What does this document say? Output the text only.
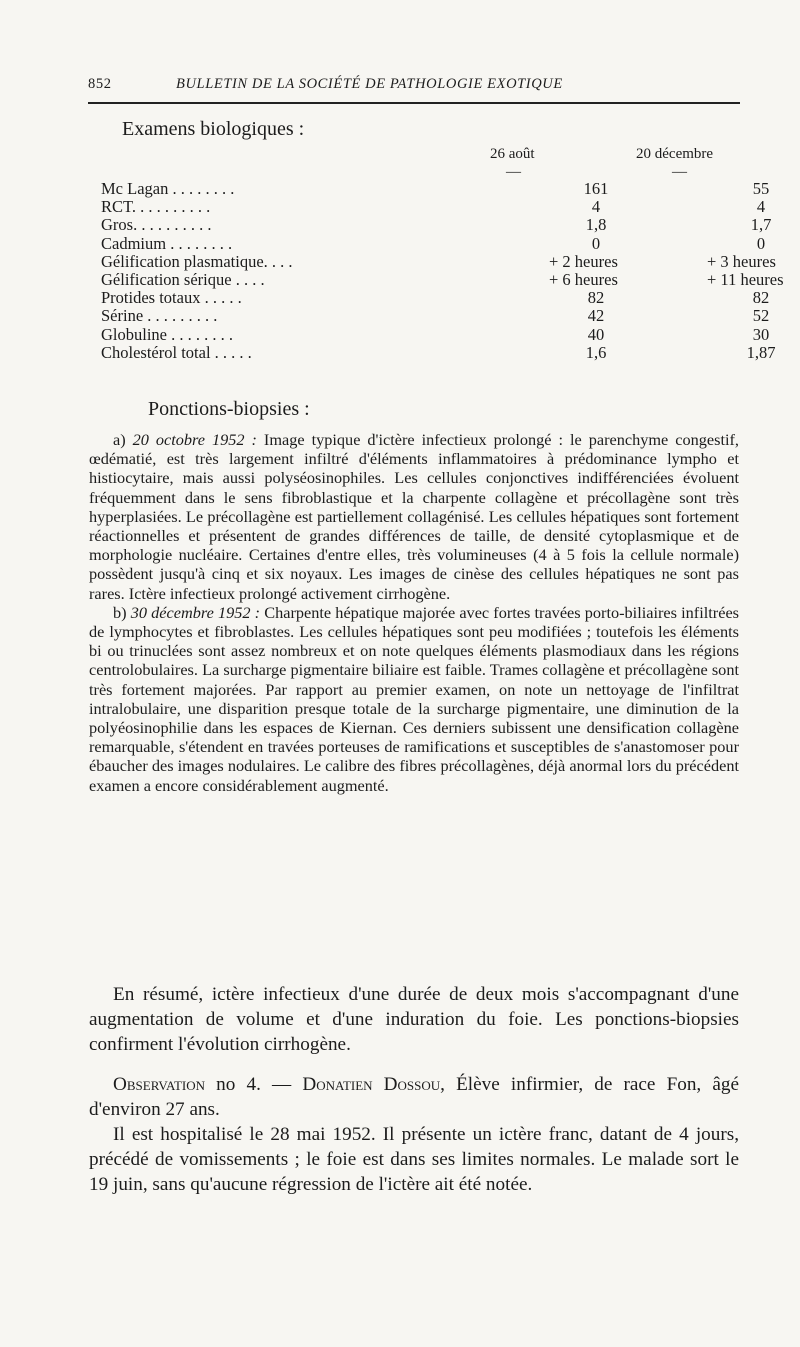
852	BULLETIN DE LA SOCIÉTÉ DE PATHOLOGIE EXOTIQUE
Examens biologiques :
26 août	20 décembre
—	—
Mc Lagan . . . . . . . .	161	55
RCT. . . . . . . . . .	4	4
Gros. . . . . . . . . .	1,8	1,7
Cadmium . . . . . . . .	0	0
Gélification plasmatique. . . .	+ 2 heures	+ 3 heures
Gélification sérique . . . .	+ 6 heures	+ 11 heures
Protides totaux . . . . .	82	82
Sérine . . . . . . . . .	42	52
Globuline . . . . . . . .	40	30
Cholestérol total . . . . .	1,6	1,87
Ponctions-biopsies :

a) 20 octobre 1952 : Image typique d'ictère infectieux prolongé : le parenchyme congestif, œdématié, est très largement infiltré d'éléments inflammatoires à prédominance lympho et histiocytaire, mais aussi polyséosinophiles. Les cellules conjonctives indifférenciées évoluent fréquemment dans le sens fibroblastique et la charpente collagène et précollagène sont très hyperplasiées. Le précollagène est partiellement collagénisé. Les cellules hépatiques sont fortement réactionnelles et présentent de grandes différences de taille, de densité cytoplasmique et de morphologie nucléaire. Certaines d'entre elles, très volumineuses (4 à 5 fois la cellule normale) possèdent jusqu'à cinq et six noyaux. Les images de cinèse des cellules hépatiques ne sont pas rares. Ictère infectieux prolongé activement cirrhogène.

b) 30 décembre 1952 : Charpente hépatique majorée avec fortes travées porto-biliaires infiltrées de lymphocytes et fibroblastes. Les cellules hépatiques sont peu modifiées ; toutefois les éléments bi ou trinuclées sont assez nombreux et on note quelques éléments plasmodiaux dans les régions centrolobulaires. La surcharge pigmentaire biliaire est faible. Trames collagène et précollagène sont très fortement majorées. Par rapport au premier examen, on note un nettoyage de l'infiltrat intralobulaire, une disparition presque totale de la surcharge pigmentaire, une diminution de la polyéosinophilie dans les espaces de Kiernan. Ces derniers subissent une densification collagène remarquable, s'étendent en travées porteuses de ramifications et susceptibles de s'anastomoser pour ébaucher des images nodulaires. Le calibre des fibres précollagènes, déjà anormal lors du précédent examen a encore considérablement augmenté.

En résumé, ictère infectieux d'une durée de deux mois s'accompagnant d'une augmentation de volume et d'une induration du foie. Les ponctions-biopsies confirment l'évolution cirrhogène.

Observation no 4. — Donatien Dossou, Élève infirmier, de race Fon, âgé d'environ 27 ans.

Il est hospitalisé le 28 mai 1952. Il présente un ictère franc, datant de 4 jours, précédé de vomissements ; le foie est dans ses limites normales. Le malade sort le 19 juin, sans qu'aucune régression de l'ictère ait été notée.
